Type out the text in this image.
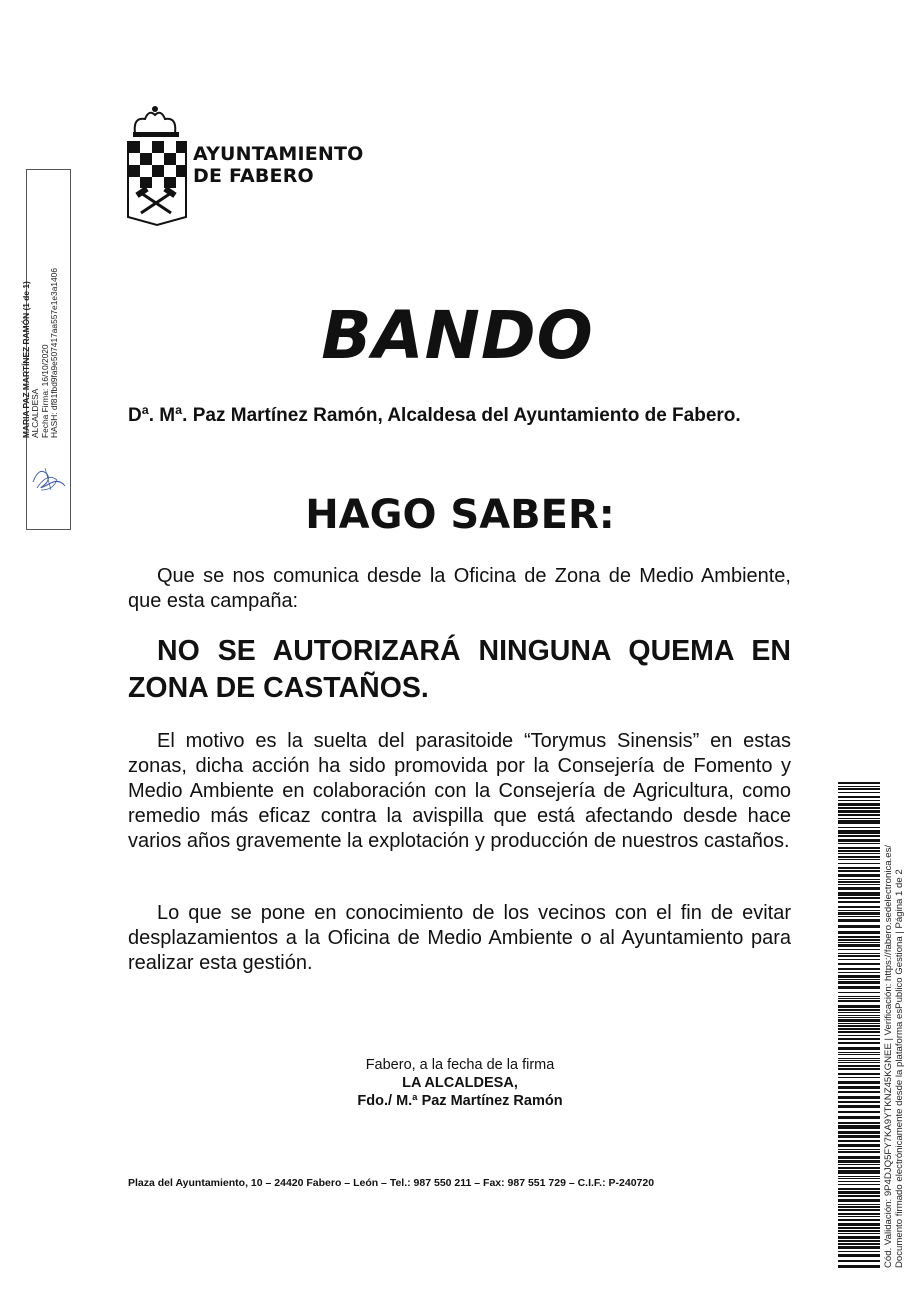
AYUNTAMIENTO
DE FABERO
MARIA PAZ MARTÍNEZ RAMÓN (1 de 1) ALCALDESA Fecha Firma: 16/10/2020 HASH: df81fbd9fa9e507417aa557e1e3a1406	BANDO
Dª. Mª. Paz Martínez Ramón, Alcaldesa del Ayuntamiento de Fabero.
HAGO SABER:
Que se nos comunica desde la Oficina de Zona de Medio Ambiente, que esta campaña:
NO SE AUTORIZARÁ NINGUNA QUEMA EN ZONA DE CASTAÑOS.
El motivo es la suelta del parasitoide “Torymus Sinensis” en estas zonas, dicha acción ha sido promovida por la Consejería de Fomento y Medio Ambiente en colaboración con la Consejería de Agricultura, como remedio más eficaz contra la avispilla que está afectando desde hace varios años gravemente la explotación y producción de nuestros castaños.
Lo que se pone en conocimiento de los vecinos con el fin de evitar desplazamientos a la Oficina de Medio Ambiente o al Ayuntamiento para realizar esta gestión.
Fabero, a la fecha de la firma
LA ALCALDESA,
Fdo./ M.ª Paz Martínez Ramón
Plaza del Ayuntamiento, 10 – 24420 Fabero – León – Tel.: 987 550 211 – Fax: 987 551 729 – C.I.F.: P-240720	Cód. Validación: 9P4DJQ5FY7KA9YTKNZ45KGNEE | Verificación: https://fabero.sedelectronica.es/ Documento firmado electrónicamente desde la plataforma esPublico Gestiona | Página 1 de 2
